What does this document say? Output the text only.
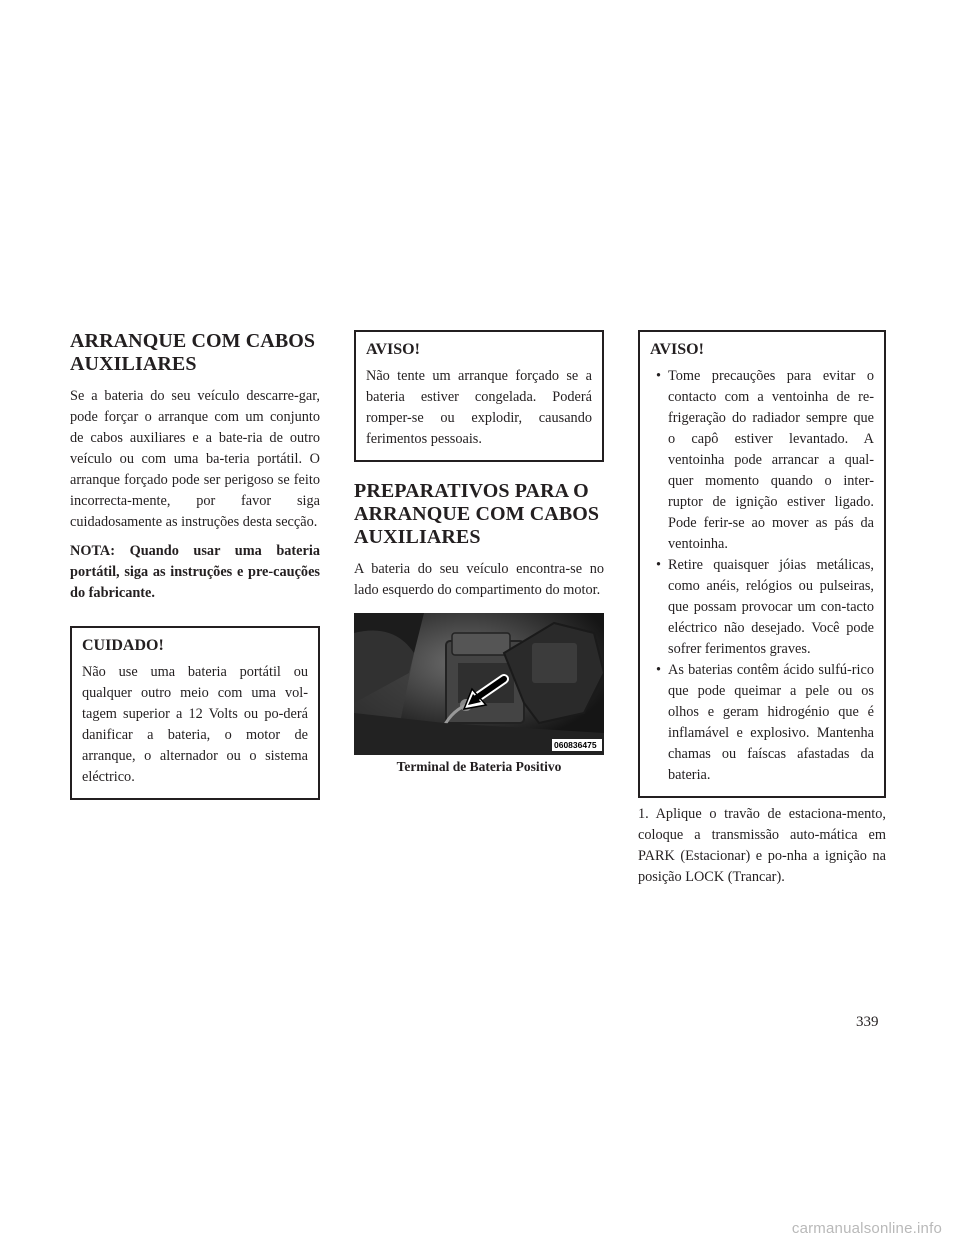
ARRANQUE COM CABOS AUXILIARES

Se a bateria do seu veículo descarre-gar, pode forçar o arranque com um conjunto de cabos auxiliares e a bate-ria de outro veículo ou com uma ba-teria portátil. O arranque forçado pode ser perigoso se feito incorrecta-mente, por favor siga cuidadosamente as instruções desta secção.

NOTA: Quando usar uma bateria portátil, siga as instruções e pre-cauções do fabricante.

CUIDADO!

Não use uma bateria portátil ou qualquer outro meio com uma vol-tagem superior a 12 Volts ou po-derá danificar a bateria, o motor de arranque, o alternador ou o sistema eléctrico.

AVISO!

Não tente um arranque forçado se a bateria estiver congelada. Poderá romper-se ou explodir, causando ferimentos pessoais.

PREPARATIVOS PARA O ARRANQUE COM CABOS AUXILIARES

A bateria do seu veículo encontra-se no lado esquerdo do compartimento do motor.

060836475
Terminal de Bateria Positivo
AVISO!
• Tome precauções para evitar o contacto com a ventoinha de re-frigeração do radiador sempre que o capô estiver levantado. A ventoinha pode arrancar a qual-quer momento quando o inter-ruptor de ignição estiver ligado. Pode ferir-se ao mover as pás da ventoinha.
• Retire quaisquer jóias metálicas, como anéis, relógios ou pulseiras, que possam provocar um con-tacto eléctrico não desejado. Você pode sofrer ferimentos graves.
• As baterias contêm ácido sulfú-rico que pode queimar a pele ou os olhos e geram hidrogénio que é inflamável e explosivo. Mantenha chamas ou faíscas afastadas da bateria.

1. Aplique o travão de estaciona-mento, coloque a transmissão auto-mática em PARK (Estacionar) e po-nha a ignição na posição LOCK (Trancar).

339
carmanualsonline.info
